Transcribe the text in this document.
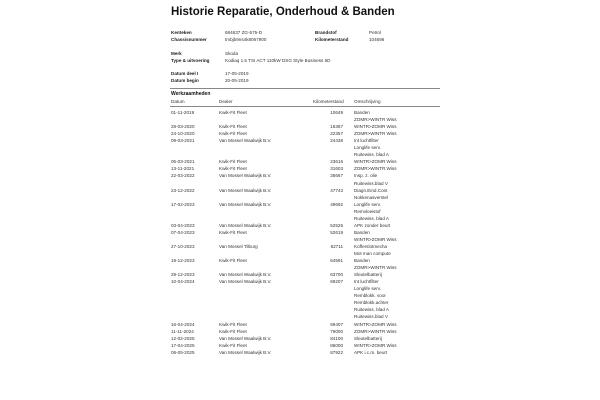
Historie Reparatie, Onderhoud & Banden
Kenteken	684637 ZG-575-D
Chassisnummer	tmbjb9ns4k8067900
Brandstof	Petrol
Kilometerstand	104696
Merk	Skoda
Type & uitvoering	Kodiaq 1.5 TSI ACT 110kW DSG Style Business 5D
Datum deel I	17-05-2019
Datum begin	20-05-2019
Werkzaamheden
Datum	Dealer	Kilometerstand Omschrijving
01-11-2019	Kwik-Fit Fleet	10649 Banden
ZOMR>WINTR Wiss
28-03-2020	Kwik-Fit Fleet	16367 WINTR>ZOMR Wiss
24-10-2020	Kwik-Fit Fleet	22357 ZOMR>WINTR Wiss
09-03-2021	Van Mossel Waalwijk B.V.	24438 Int luchtfilter
Longlife serv.
Ruitewiss. blad A
05-03-2021	Kwik-Fit Fleet	23616 WINTR>ZOMR Wiss
13-11-2021	Kwik-Fit Fleet	31603 ZOMR>WINTR Wiss
22-03-2022	Van Mossel Waalwijk B.V.	35667 Insp. z. olie
Ruitewiss.blad V
23-12-2022	Van Mossel Waalwijk B.V.	47743 Diagn.Eind.Cont
Nokkenasverstel
17-02-2023	Van Mossel Waalwijk B.V.	49692 Longlife serv.
Remvloeistof
Ruitewiss. blad A
03-04-2023	Van Mossel Waalwijk B.V.	52525 APK zonder beurt
07-04-2023	Kwik-Fit Fleet	52619 Banden
WINTR>ZOMR Wiss
27-10-2023	Van Mossel Tilburg	62711 Kofferslotmecha
Mot man compute
19-12-2023	Kwik-Fit Fleet	64591 Banden
ZOMR>WINTR Wiss
29-12-2023	Van Mossel Waalwijk B.V.	63700 Sleutelbatterij
10-04-2024	Van Mossel Waalwijk B.V.	69207 Int luchtfilter
Longlife serv.
Remblokk. voor
Remblokk.achter
Ruitewiss. blad A
Ruitewiss.blad V
16-04-2024	Kwik-Fit Fleet	69407 WINTR>ZOMR Wiss
11-11-2024	Kwik-Fit Fleet	79000 ZOMR>WINTR Wiss
12-02-2025	Van Mossel Waalwijk B.V.	84100 Sleutelbatterij
17-04-2025	Kwik-Fit Fleet	86000 WINTR>ZOMR Wiss
06-05-2025	Van Mossel Waalwijk B.V.	87922 APK i.c.m. beurt
